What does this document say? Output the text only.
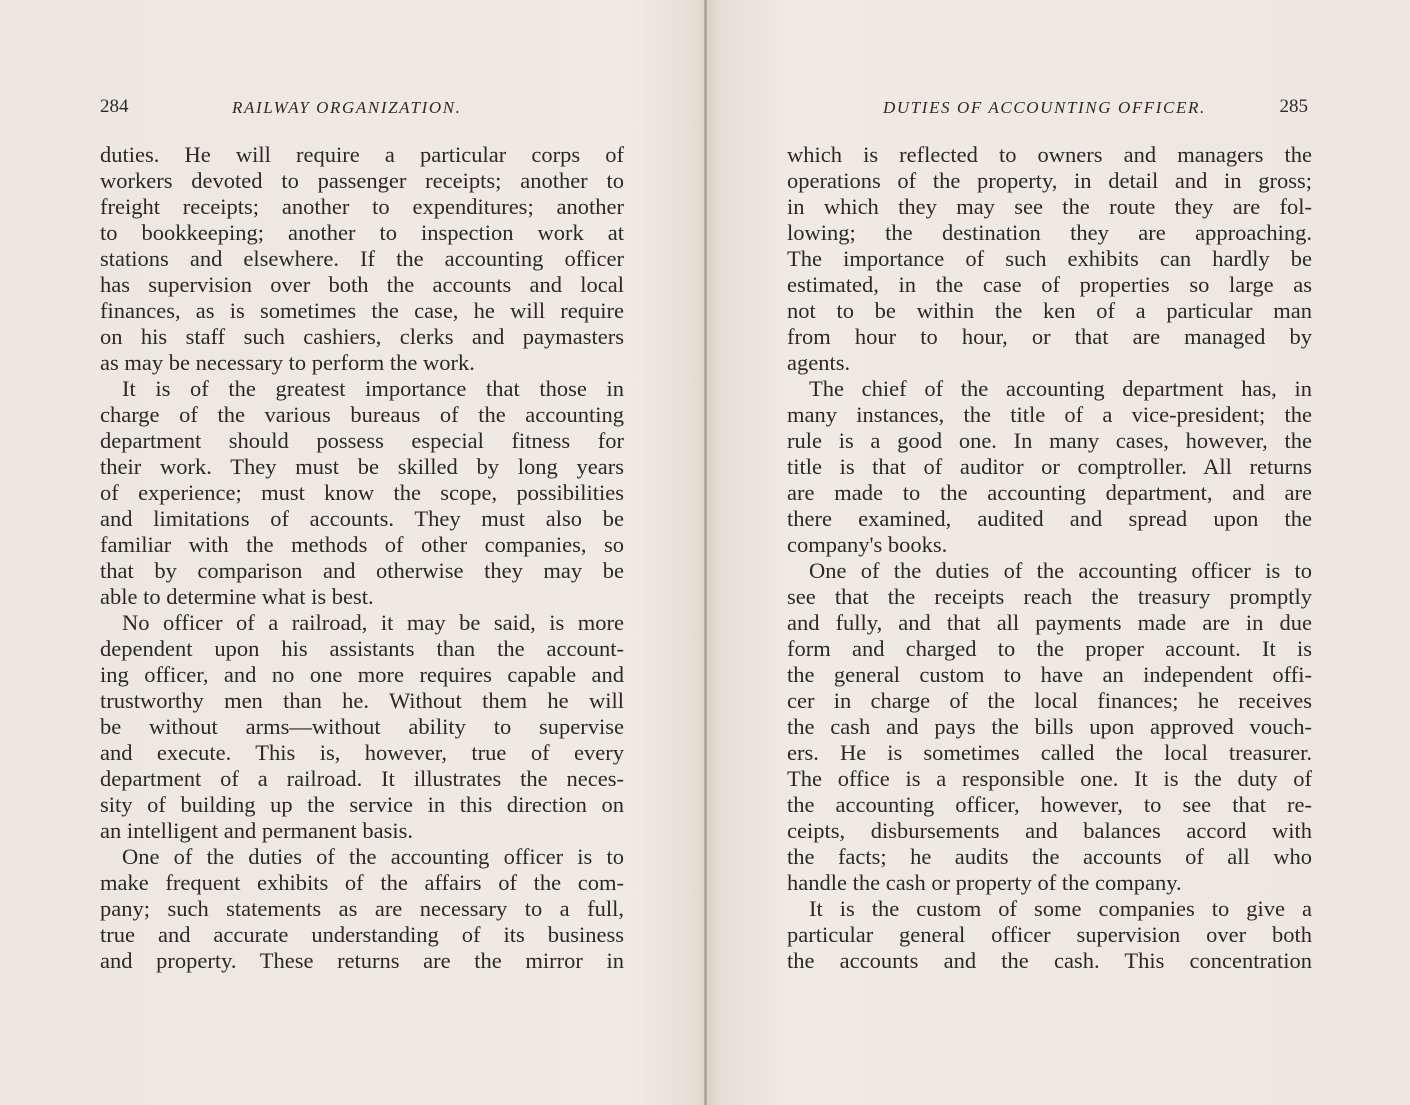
284	RAILWAY ORGANIZATION.
duties. He will require a particular corps of
workers devoted to passenger receipts; another to
freight receipts; another to expenditures; another
to bookkeeping; another to inspection work at
stations and elsewhere. If the accounting officer
has supervision over both the accounts and local
finances, as is sometimes the case, he will require
on his staff such cashiers, clerks and paymasters
as may be necessary to perform the work.
It is of the greatest importance that those in
charge of the various bureaus of the accounting
department should possess especial fitness for
their work. They must be skilled by long years
of experience; must know the scope, possibilities
and limitations of accounts. They must also be
familiar with the methods of other companies, so
that by comparison and otherwise they may be
able to determine what is best.
No officer of a railroad, it may be said, is more
dependent upon his assistants than the account-
ing officer, and no one more requires capable and
trustworthy men than he. Without them he will
be without arms—without ability to supervise
and execute. This is, however, true of every
department of a railroad. It illustrates the neces-
sity of building up the service in this direction on
an intelligent and permanent basis.
One of the duties of the accounting officer is to
make frequent exhibits of the affairs of the com-
pany; such statements as are necessary to a full,
true and accurate understanding of its business
and property. These returns are the mirror in
DUTIES OF ACCOUNTING OFFICER.	285
which is reflected to owners and managers the
operations of the property, in detail and in gross;
in which they may see the route they are fol-
lowing; the destination they are approaching.
The importance of such exhibits can hardly be
estimated, in the case of properties so large as
not to be within the ken of a particular man
from hour to hour, or that are managed by
agents.
The chief of the accounting department has, in
many instances, the title of a vice-president; the
rule is a good one. In many cases, however, the
title is that of auditor or comptroller. All returns
are made to the accounting department, and are
there examined, audited and spread upon the
company's books.
One of the duties of the accounting officer is to
see that the receipts reach the treasury promptly
and fully, and that all payments made are in due
form and charged to the proper account. It is
the general custom to have an independent offi-
cer in charge of the local finances; he receives
the cash and pays the bills upon approved vouch-
ers. He is sometimes called the local treasurer.
The office is a responsible one. It is the duty of
the accounting officer, however, to see that re-
ceipts, disbursements and balances accord with
the facts; he audits the accounts of all who
handle the cash or property of the company.
It is the custom of some companies to give a
particular general officer supervision over both
the accounts and the cash. This concentration
